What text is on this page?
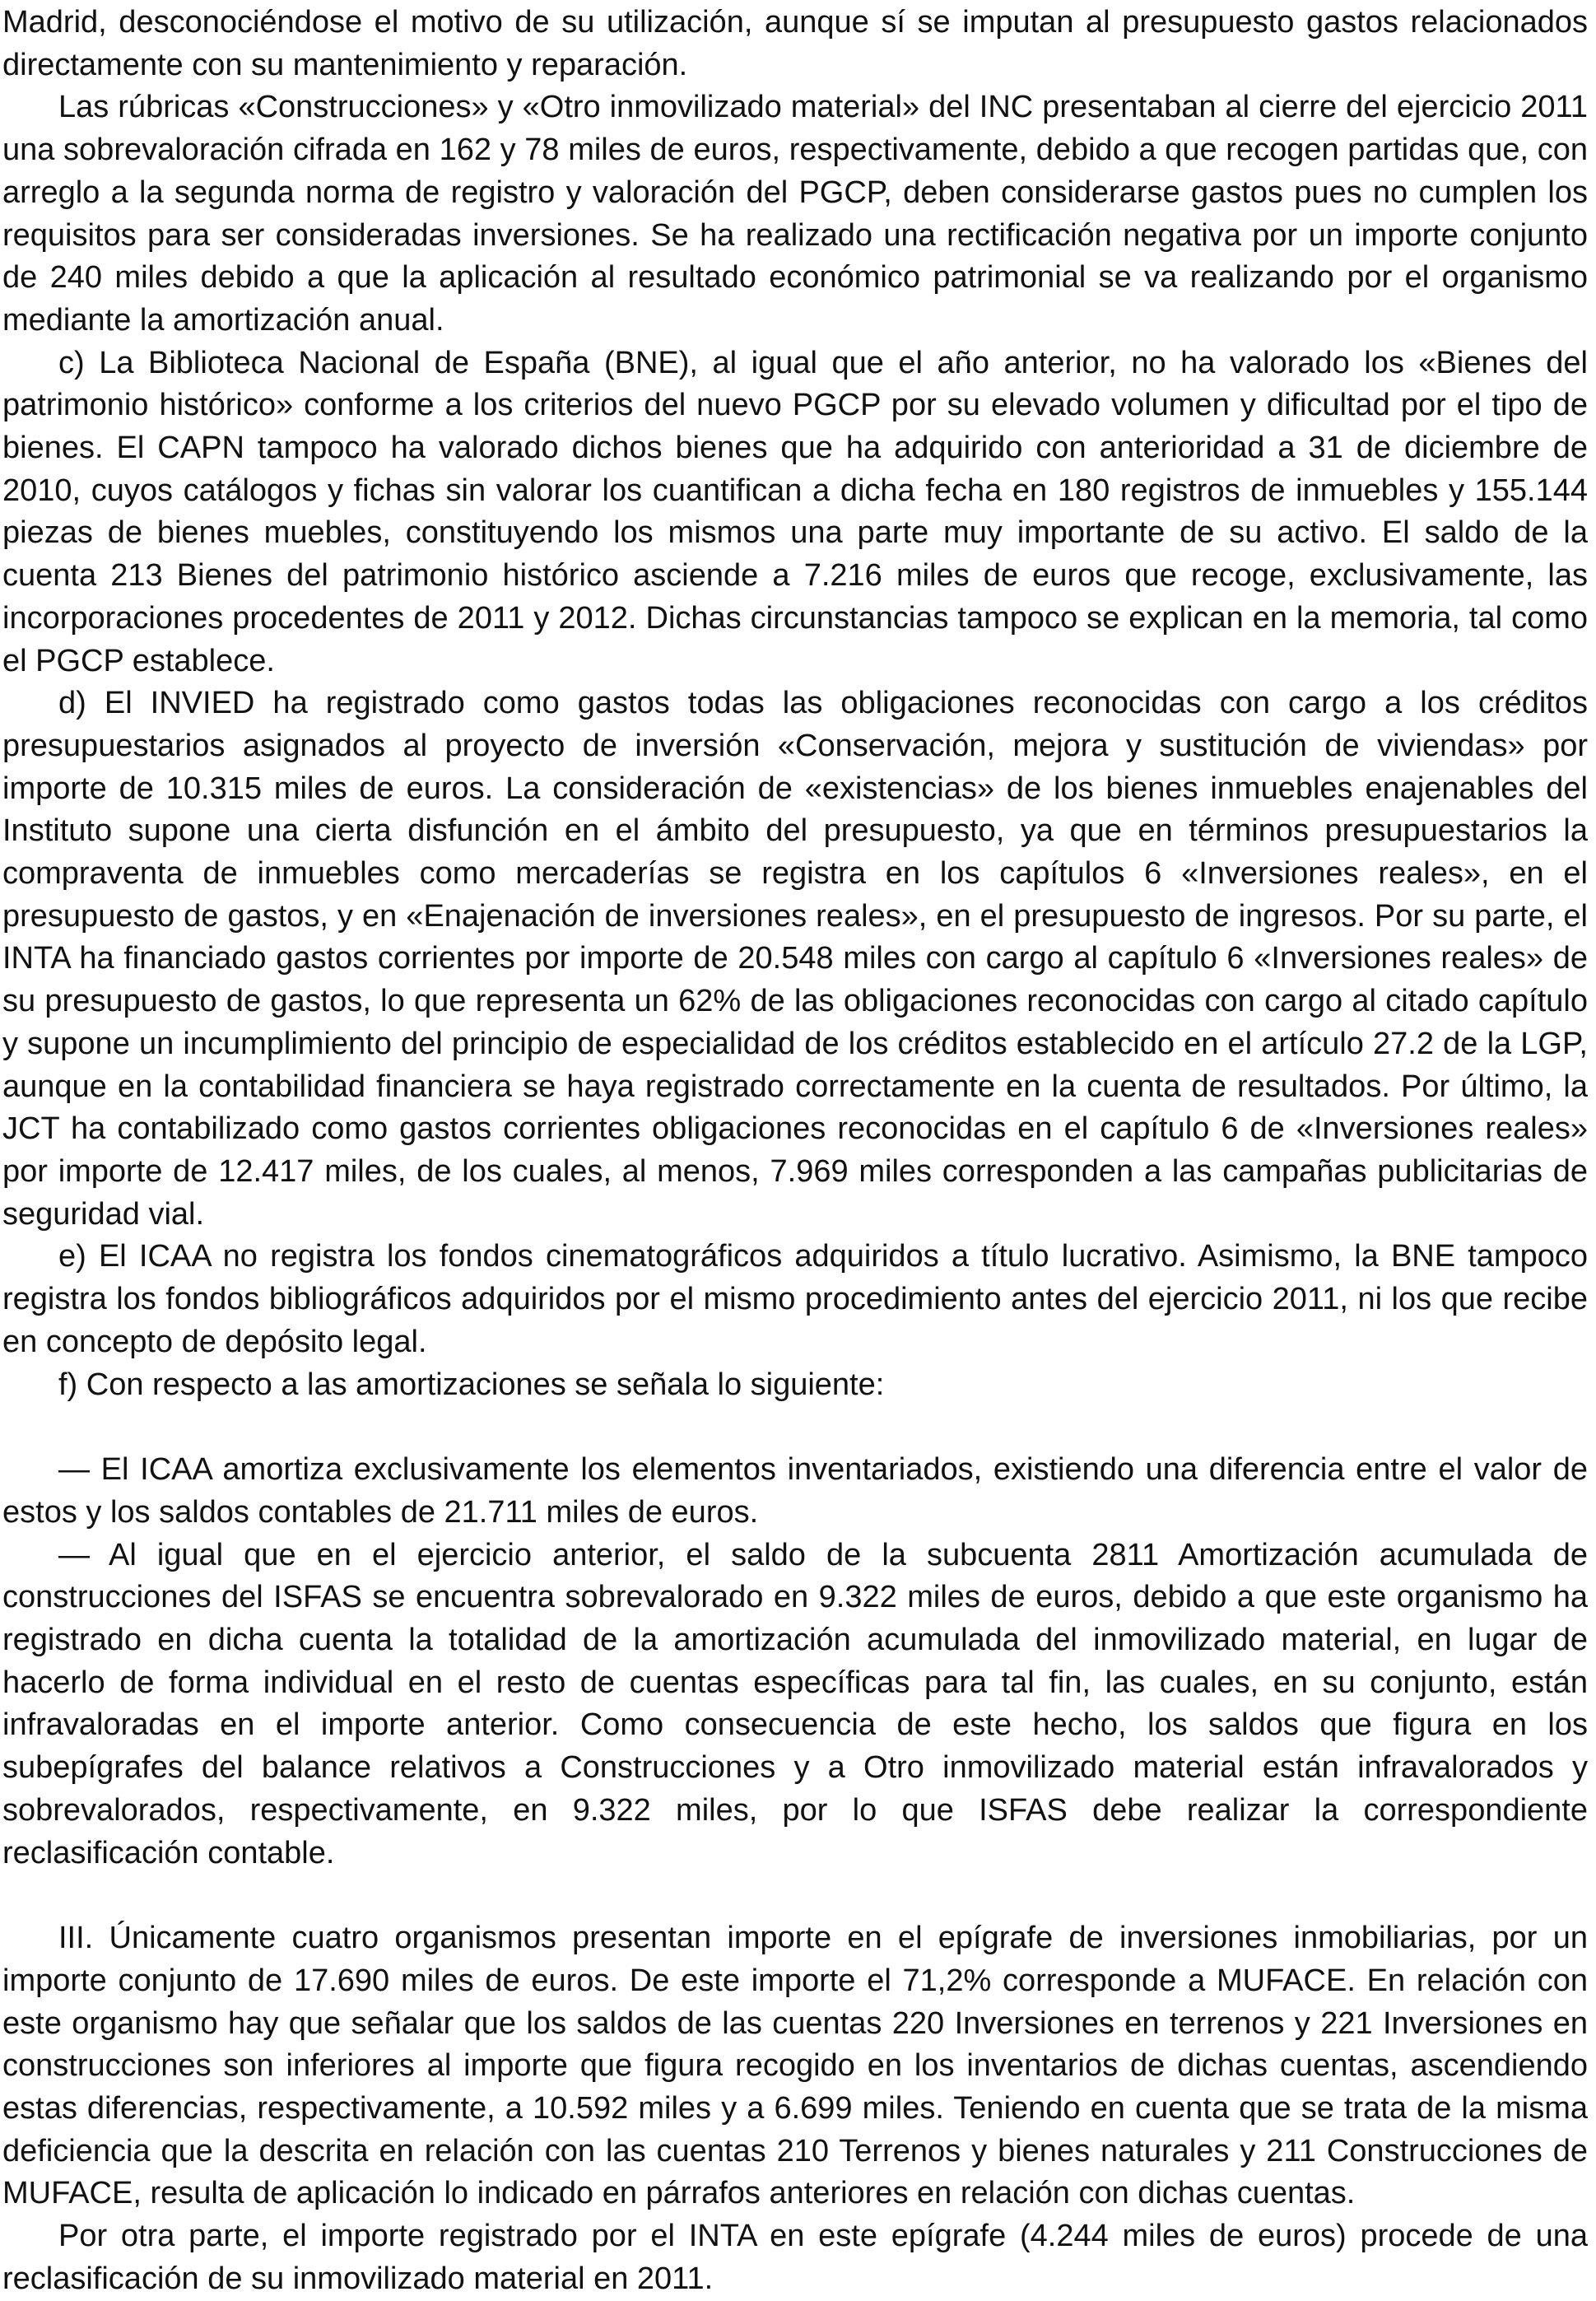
Madrid, desconociéndose el motivo de su utilización, aunque sí se imputan al presupuesto gastos relacionados directamente con su mantenimiento y reparación.

Las rúbricas «Construcciones» y «Otro inmovilizado material» del INC presentaban al cierre del ejercicio 2011 una sobrevaloración cifrada en 162 y 78 miles de euros, respectivamente, debido a que recogen partidas que, con arreglo a la segunda norma de registro y valoración del PGCP, deben considerarse gastos pues no cumplen los requisitos para ser consideradas inversiones. Se ha realizado una rectificación negativa por un importe conjunto de 240 miles debido a que la aplicación al resultado económico patrimonial se va realizando por el organismo mediante la amortización anual.

c) La Biblioteca Nacional de España (BNE), al igual que el año anterior, no ha valorado los «Bienes del patrimonio histórico» conforme a los criterios del nuevo PGCP por su elevado volumen y dificultad por el tipo de bienes. El CAPN tampoco ha valorado dichos bienes que ha adquirido con anterioridad a 31 de diciembre de 2010, cuyos catálogos y fichas sin valorar los cuantifican a dicha fecha en 180 registros de inmuebles y 155.144 piezas de bienes muebles, constituyendo los mismos una parte muy importante de su activo. El saldo de la cuenta 213 Bienes del patrimonio histórico asciende a 7.216 miles de euros que recoge, exclusivamente, las incorporaciones procedentes de 2011 y 2012. Dichas circunstancias tampoco se explican en la memoria, tal como el PGCP establece.

d) El INVIED ha registrado como gastos todas las obligaciones reconocidas con cargo a los créditos presupuestarios asignados al proyecto de inversión «Conservación, mejora y sustitución de viviendas» por importe de 10.315 miles de euros. La consideración de «existencias» de los bienes inmuebles enajenables del Instituto supone una cierta disfunción en el ámbito del presupuesto, ya que en términos presupuestarios la compraventa de inmuebles como mercaderías se registra en los capítulos 6 «Inversiones reales», en el presupuesto de gastos, y en «Enajenación de inversiones reales», en el presupuesto de ingresos. Por su parte, el INTA ha financiado gastos corrientes por importe de 20.548 miles con cargo al capítulo 6 «Inversiones reales» de su presupuesto de gastos, lo que representa un 62% de las obligaciones reconocidas con cargo al citado capítulo y supone un incumplimiento del principio de especialidad de los créditos establecido en el artículo 27.2 de la LGP, aunque en la contabilidad financiera se haya registrado correctamente en la cuenta de resultados. Por último, la JCT ha contabilizado como gastos corrientes obligaciones reconocidas en el capítulo 6 de «Inversiones reales» por importe de 12.417 miles, de los cuales, al menos, 7.969 miles corresponden a las campañas publicitarias de seguridad vial.

e) El ICAA no registra los fondos cinematográficos adquiridos a título lucrativo. Asimismo, la BNE tampoco registra los fondos bibliográficos adquiridos por el mismo procedimiento antes del ejercicio 2011, ni los que recibe en concepto de depósito legal.

f) Con respecto a las amortizaciones se señala lo siguiente:

— El ICAA amortiza exclusivamente los elementos inventariados, existiendo una diferencia entre el valor de estos y los saldos contables de 21.711 miles de euros.

— Al igual que en el ejercicio anterior, el saldo de la subcuenta 2811 Amortización acumulada de construcciones del ISFAS se encuentra sobrevalorado en 9.322 miles de euros, debido a que este organismo ha registrado en dicha cuenta la totalidad de la amortización acumulada del inmovilizado material, en lugar de hacerlo de forma individual en el resto de cuentas específicas para tal fin, las cuales, en su conjunto, están infravaloradas en el importe anterior. Como consecuencia de este hecho, los saldos que figura en los subepígrafes del balance relativos a Construcciones y a Otro inmovilizado material están infravalorados y sobrevalorados, respectivamente, en 9.322 miles, por lo que ISFAS debe realizar la correspondiente reclasificación contable.

III. Únicamente cuatro organismos presentan importe en el epígrafe de inversiones inmobiliarias, por un importe conjunto de 17.690 miles de euros. De este importe el 71,2% corresponde a MUFACE. En relación con este organismo hay que señalar que los saldos de las cuentas 220 Inversiones en terrenos y 221 Inversiones en construcciones son inferiores al importe que figura recogido en los inventarios de dichas cuentas, ascendiendo estas diferencias, respectivamente, a 10.592 miles y a 6.699 miles. Teniendo en cuenta que se trata de la misma deficiencia que la descrita en relación con las cuentas 210 Terrenos y bienes naturales y 211 Construcciones de MUFACE, resulta de aplicación lo indicado en párrafos anteriores en relación con dichas cuentas.

Por otra parte, el importe registrado por el INTA en este epígrafe (4.244 miles de euros) procede de una reclasificación de su inmovilizado material en 2011.
